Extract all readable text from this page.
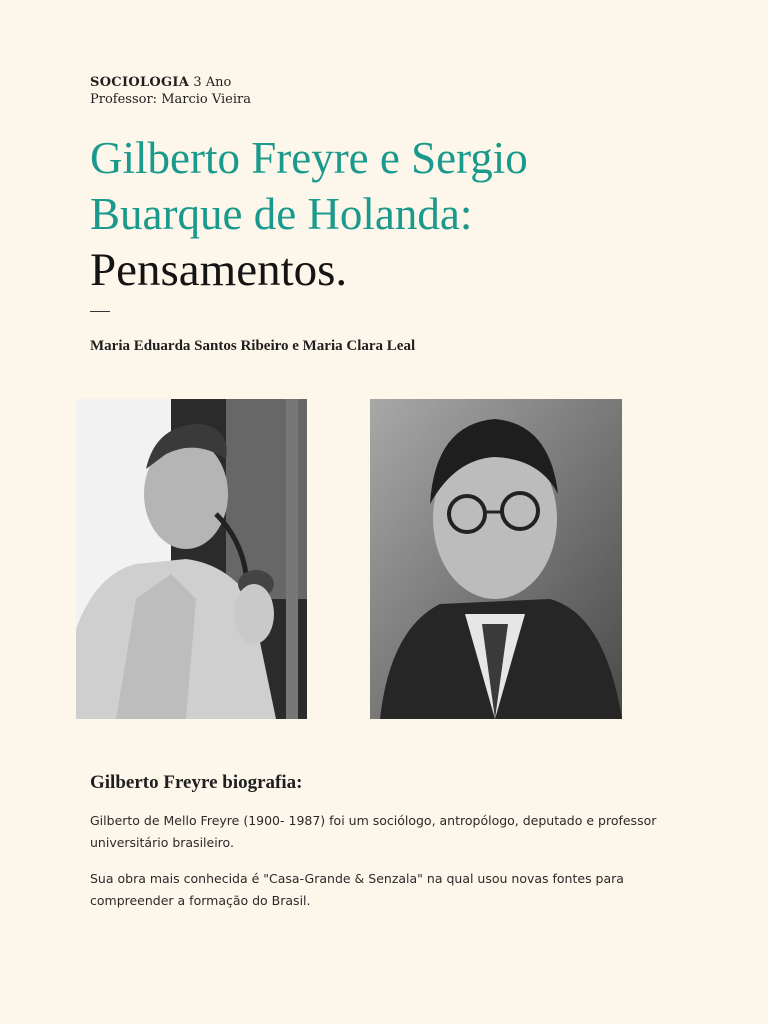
SOCIOLOGIA 3 Ano
Professor: Marcio Vieira
Gilberto Freyre e Sergio
Buarque de Holanda:
Pensamentos.
Maria Eduarda Santos Ribeiro e Maria Clara Leal
Gilberto Freyre biografia:

Gilberto de Mello Freyre (1900- 1987) foi um sociólogo, antropólogo, deputado e professor universitário brasileiro.

Sua obra mais conhecida é "Casa-Grande & Senzala" na qual usou novas fontes para compreender a formação do Brasil.
